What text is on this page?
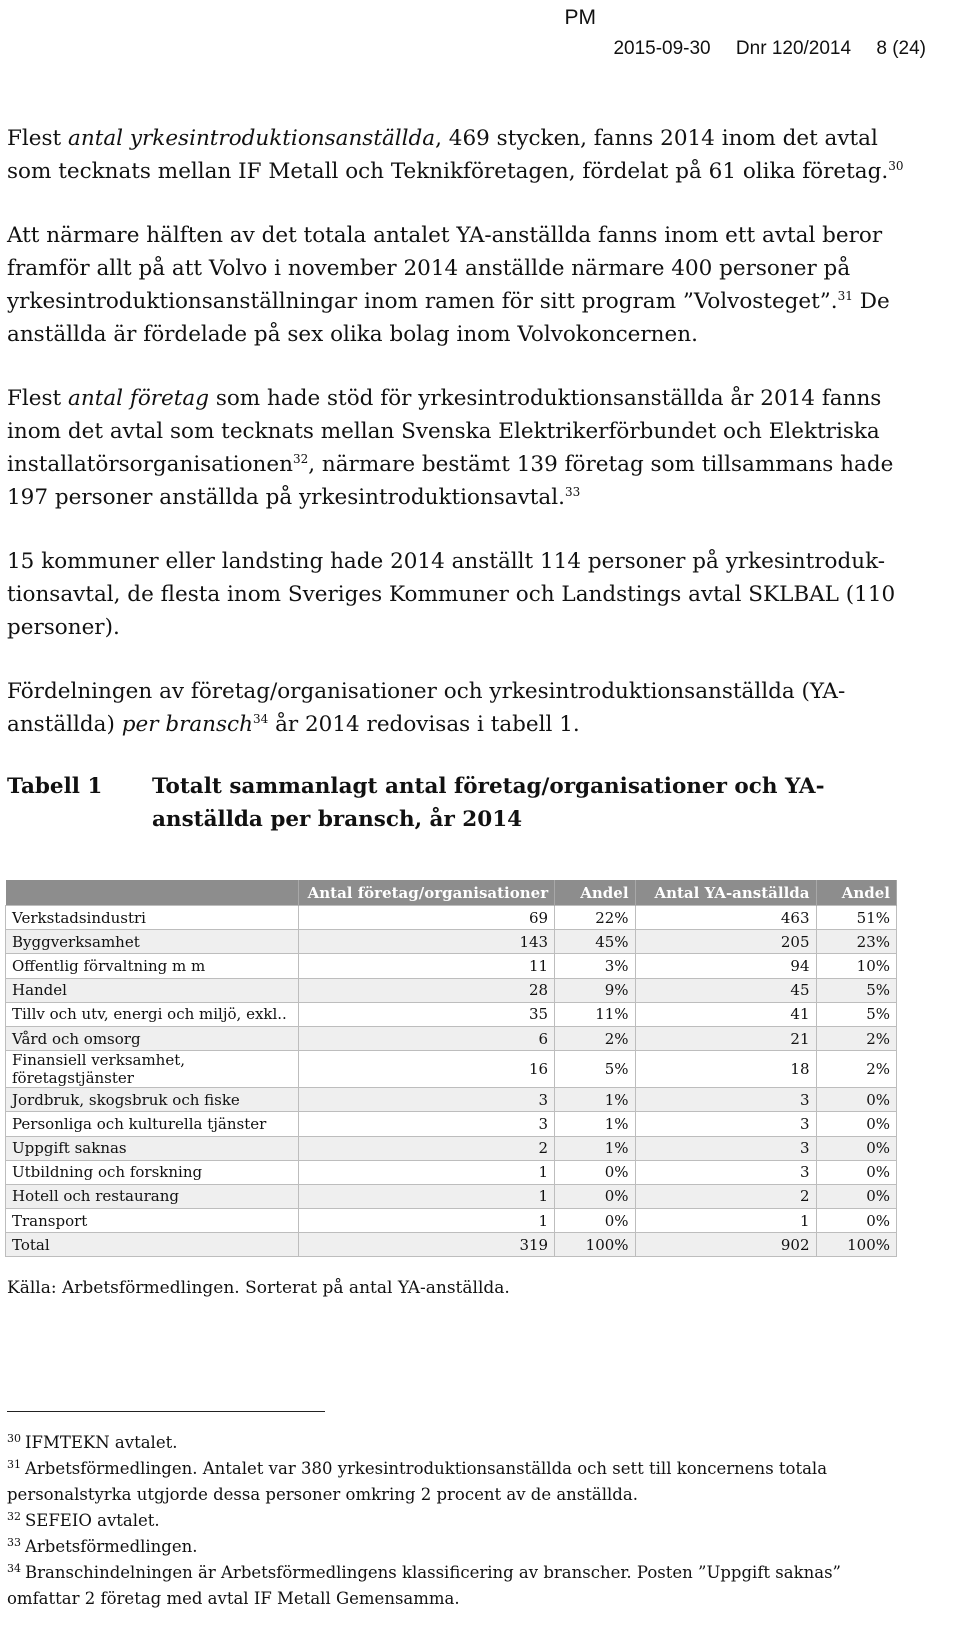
PM
2015-09-30 Dnr 120/2014 8 (24)

Flest antal yrkesintroduktionsanställda, 469 stycken, fanns 2014 inom det avtal som tecknats mellan IF Metall och Teknikföretagen, fördelat på 61 olika företag.$^{30}$

Att närmare hälften av det totala antalet YA-anställda fanns inom ett avtal beror framför allt på att Volvo i november 2014 anställde närmare 400 personer på yrkesintroduktionsanställningar inom ramen för sitt program ”Volvosteget”.$^{31}$ De anställda är fördelade på sex olika bolag inom Volvokoncernen.

Flest antal företag som hade stöd för yrkesintroduktionsanställda år 2014 fanns inom det avtal som tecknats mellan Svenska Elektrikerförbundet och Elektriska installatörsorganisationen$^{32}$, närmare bestämt 139 företag som tillsammans hade 197 personer anställda på yrkesintroduktionsavtal.$^{33}$

15 kommuner eller landsting hade 2014 anställt 114 personer på yrkesintroduk-tionsavtal, de flesta inom Sveriges Kommuner och Landstings avtal SKLBAL (110 personer).

Fördelningen av företag/organisationer och yrkesintroduktionsanställda (YA-anställda) per bransch$^{34}$ år 2014 redovisas i tabell 1.

Tabell 1	Totalt sammanlagt antal företag/organisationer och YA-anställda per bransch, år 2014
	Antal företag/organisationer	Andel	Antal YA-anställda	Andel
Verkstadsindustri	69	22%	463	51%
Byggverksamhet	143	45%	205	23%
Offentlig förvaltning m m	11	3%	94	10%
Handel	28	9%	45	5%
Tillv och utv, energi och miljö, exkl..	35	11%	41	5%
Vård och omsorg	6	2%	21	2%
Finansiell verksamhet, företagstjänster	16	5%	18	2%
Jordbruk, skogsbruk och fiske	3	1%	3	0%
Personliga och kulturella tjänster	3	1%	3	0%
Uppgift saknas	2	1%	3	0%
Utbildning och forskning	1	0%	3	0%
Hotell och restaurang	1	0%	2	0%
Transport	1	0%	1	0%
Total	319	100%	902	100%
Källa: Arbetsförmedlingen. Sorterat på antal YA-anställda.
$^{30}$ IFMTEKN avtalet.
$^{31}$ Arbetsförmedlingen. Antalet var 380 yrkesintroduktionsanställda och sett till koncernens totala personalstyrka utgjorde dessa personer omkring 2 procent av de anställda.
$^{32}$ SEFEIO avtalet.
$^{33}$ Arbetsförmedlingen.
$^{34}$ Branschindelningen är Arbetsförmedlingens klassificering av branscher. Posten ”Uppgift saknas” omfattar 2 företag med avtal IF Metall Gemensamma.
